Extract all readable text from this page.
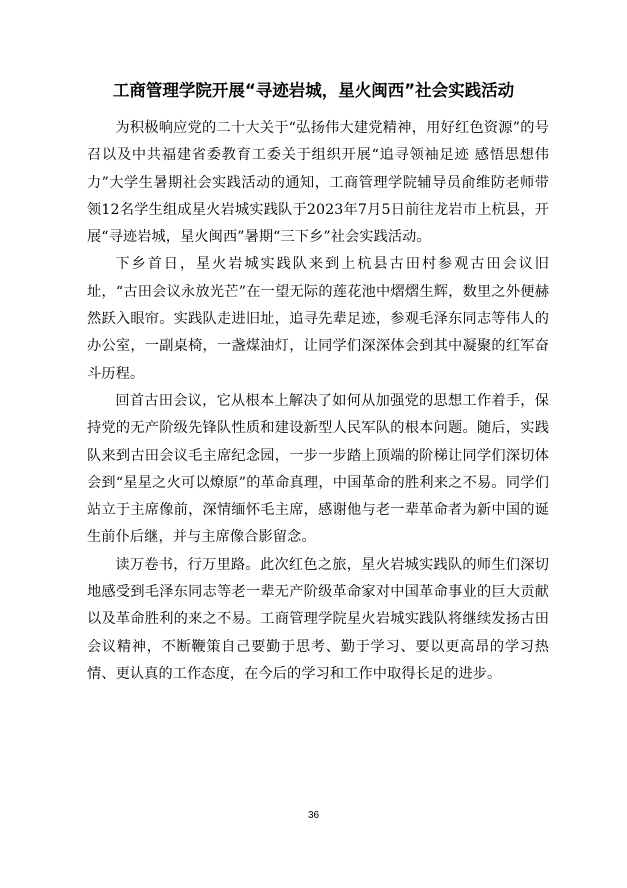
工商管理学院开展“寻迹岩城，星火闽西”社会实践活动

为积极响应党的二十大关于“弘扬伟大建党精神，用好红色资源”的号召以及中共福建省委教育工委关于组织开展“追寻领袖足迹 感悟思想伟力”大学生暑期社会实践活动的通知，工商管理学院辅导员俞维防老师带领12名学生组成星火岩城实践队于2023年7月5日前往龙岩市上杭县，开展“寻迹岩城，星火闽西”暑期“三下乡”社会实践活动。

下乡首日，星火岩城实践队来到上杭县古田村参观古田会议旧址，“古田会议永放光芒”在一望无际的莲花池中熠熠生辉，数里之外便赫然跃入眼帘。实践队走进旧址，追寻先辈足迹，参观毛泽东同志等伟人的办公室，一副桌椅，一盏煤油灯，让同学们深深体会到其中凝聚的红军奋斗历程。

回首古田会议，它从根本上解决了如何从加强党的思想工作着手，保持党的无产阶级先锋队性质和建设新型人民军队的根本问题。随后，实践队来到古田会议毛主席纪念园，一步一步踏上顶端的阶梯让同学们深切体会到“星星之火可以燎原”的革命真理，中国革命的胜利来之不易。同学们站立于主席像前，深情缅怀毛主席，感谢他与老一辈革命者为新中国的诞生前仆后继，并与主席像合影留念。

读万卷书，行万里路。此次红色之旅，星火岩城实践队的师生们深切地感受到毛泽东同志等老一辈无产阶级革命家对中国革命事业的巨大贡献以及革命胜利的来之不易。工商管理学院星火岩城实践队将继续发扬古田会议精神，不断鞭策自己要勤于思考、勤于学习、要以更高昂的学习热情、更认真的工作态度，在今后的学习和工作中取得长足的进步。

36
